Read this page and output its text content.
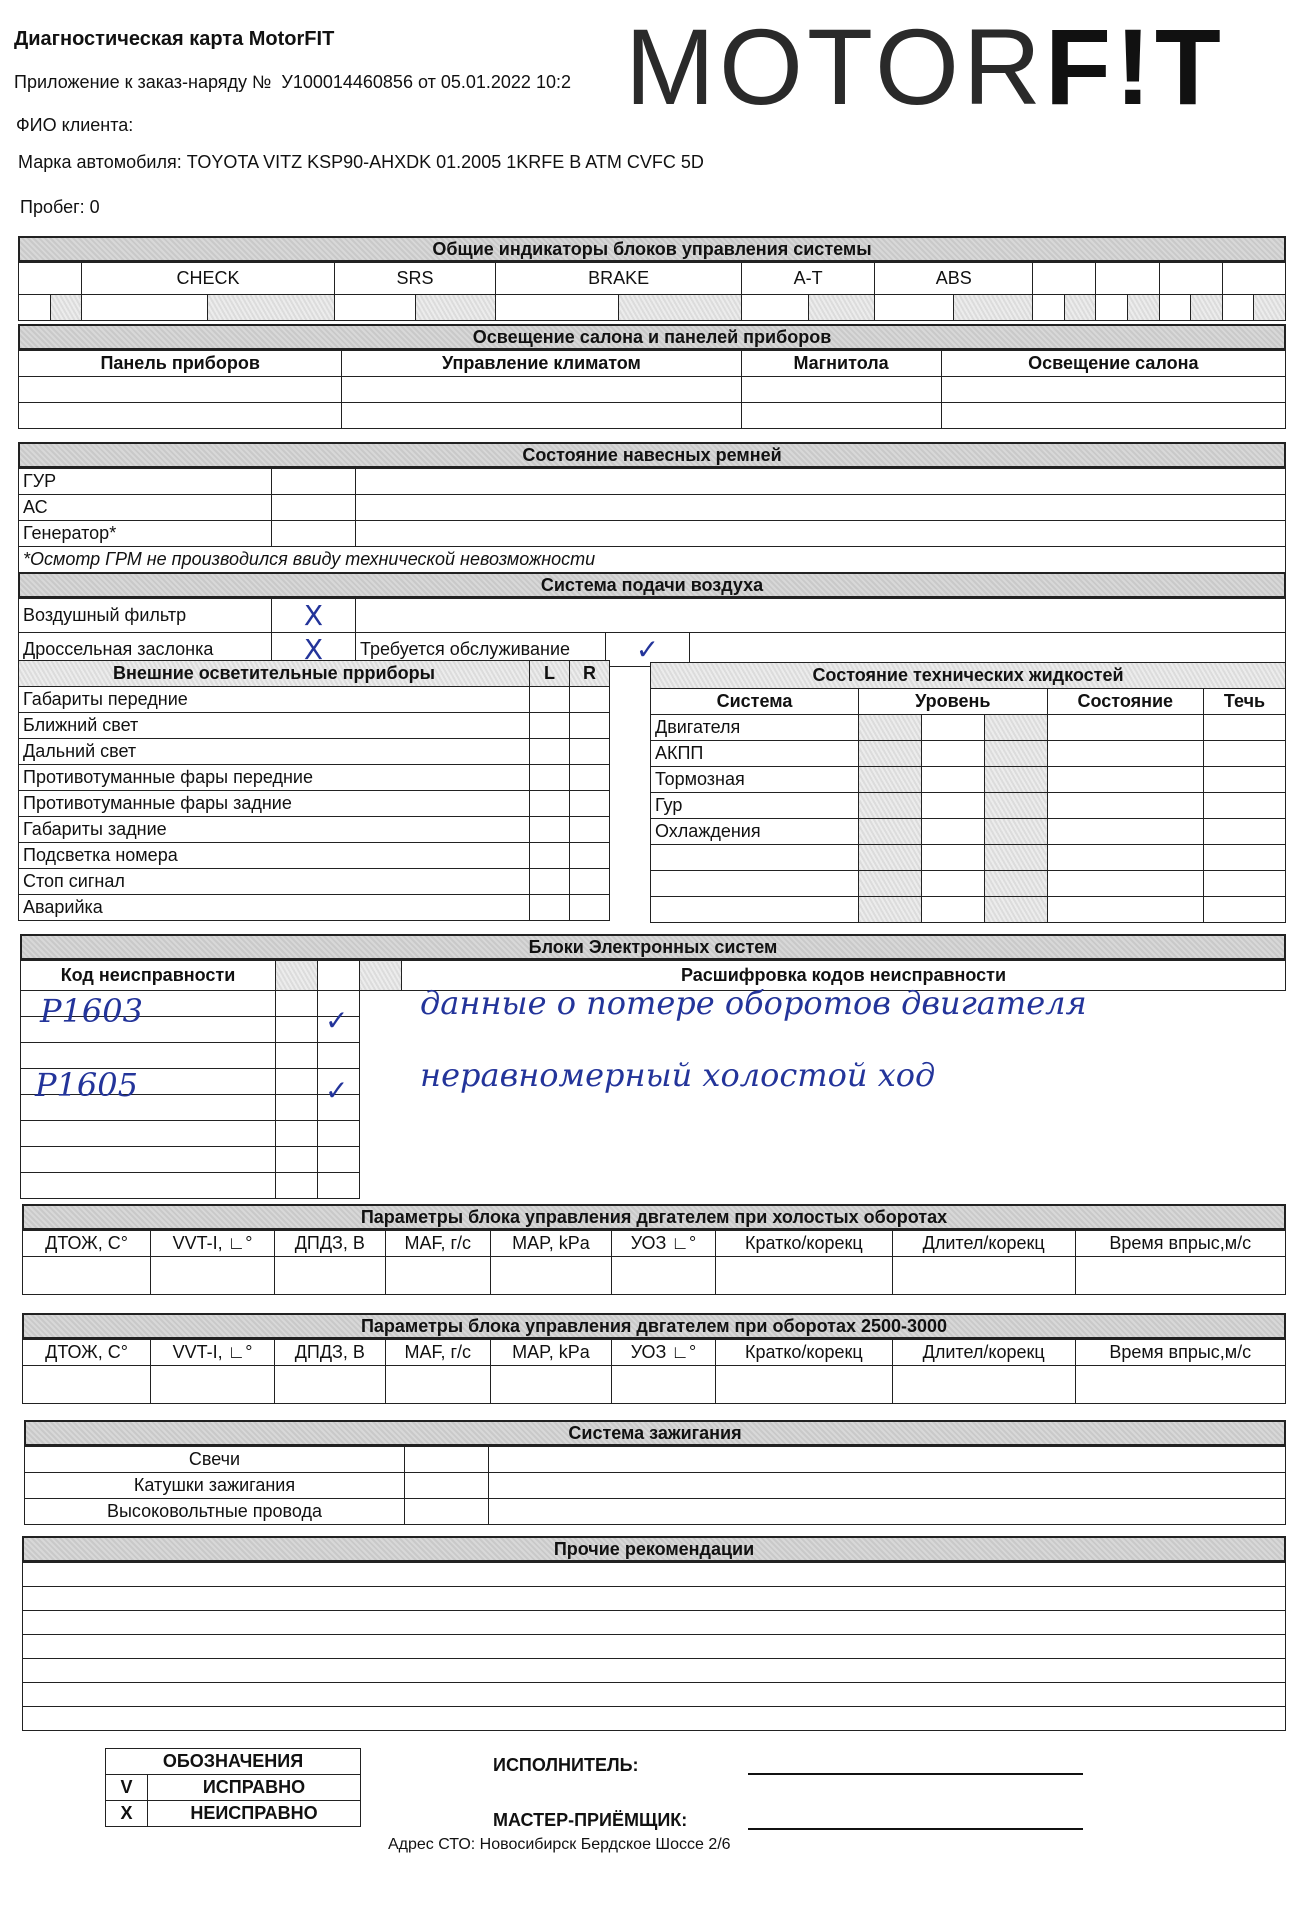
Диагностическая карта MotorFIT
Приложение к заказ-наряду № У100014460856 от 05.01.2022 10:2 MOTORF!T
ФИО клиента:
Марка автомобиля: TOYOTA VITZ KSP90-AHXDK 01.2005 1KRFE B ATM CVFC 5D
Пробег: 0
Общие индикаторы блоков управления системы
		CHECK		SRS		BRAKE		A-T		ABS									

Освещение салона и панелей приборов
Панель приборов	Управление климатом	Магнитола	Освещение салона

Состояние навесных ремней
ГУР		
АС		
Генератор*		
*Осмотр ГРМ не производился ввиду технической невозможности		
Система подачи воздуха
Воздушный фильтр	X			
Дроссельная заслонка	X	Требуется обслуживание	✓	
Внешние осветительные прриборы	L	R
Габариты передние		
Ближний свет		
Дальний свет		
Противотуманные фары передние		
Противотуманные фары задние		
Габариты задние		
Подсветка номера		
Стоп сигнал		
Аварийка		
Состояние технических жидкостей					
Система	Уровень			Состояние	Течь
Двигателя					
АКПП					
Тормозная					
Гур					
Охлаждения					

Блоки Электронных систем
Код неисправности				Расшифровка кодов неисправности

P1603	✓ данные о потере оборотов двигателя
P1605	✓ неравномерный холостой ход
Параметры блока управления двгателем при холостых оборотах
ДТОЖ, С°	VVT-I, ∟°	ДПДЗ, В	MAF, г/с	MAP, kPa	УОЗ ∟°	Кратко/корекц	Длител/корекц	Время впрыс,м/с

Параметры блока управления двгателем при оборотах 2500-3000
ДТОЖ, С°	VVT-I, ∟°	ДПДЗ, В	MAF, г/с	MAP, kPa	УОЗ ∟°	Кратко/корекц	Длител/корекц	Время впрыс,м/с

Система зажигания
Свечи		
Катушки зажигания		
Высоковольтные провода		
Прочие рекомендации

ОБОЗНАЧЕНИЯ	
V	ИСПРАВНО
X	НЕИСПРАВНО
ИСПОЛНИТЕЛЬ:
МАСТЕР-ПРИЁМЩИК:
Адрес СТО: Новосибирск Бердское Шоссе 2/6
